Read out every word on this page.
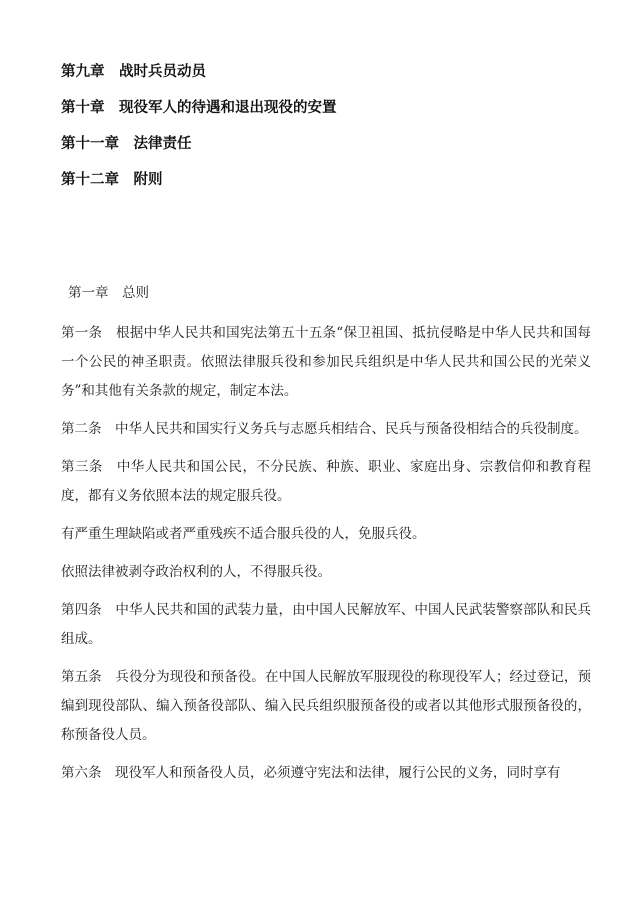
第九章　战时兵员动员
第十章　现役军人的待遇和退出现役的安置
第十一章　法律责任
第十二章　附则
第一章　总则

第一条　根据中华人民共和国宪法第五十五条“保卫祖国、抵抗侵略是中华人民共和国每一个公民的神圣职责。依照法律服兵役和参加民兵组织是中华人民共和国公民的光荣义务”和其他有关条款的规定，制定本法。

第二条　中华人民共和国实行义务兵与志愿兵相结合、民兵与预备役相结合的兵役制度。

第三条　中华人民共和国公民，不分民族、种族、职业、家庭出身、宗教信仰和教育程度，都有义务依照本法的规定服兵役。

有严重生理缺陷或者严重残疾不适合服兵役的人，免服兵役。

依照法律被剥夺政治权利的人，不得服兵役。

第四条　中华人民共和国的武装力量，由中国人民解放军、中国人民武装警察部队和民兵组成。

第五条　兵役分为现役和预备役。在中国人民解放军服现役的称现役军人；经过登记，预编到现役部队、编入预备役部队、编入民兵组织服预备役的或者以其他形式服预备役的，称预备役人员。

第六条　现役军人和预备役人员，必须遵守宪法和法律，履行公民的义务，同时享有
